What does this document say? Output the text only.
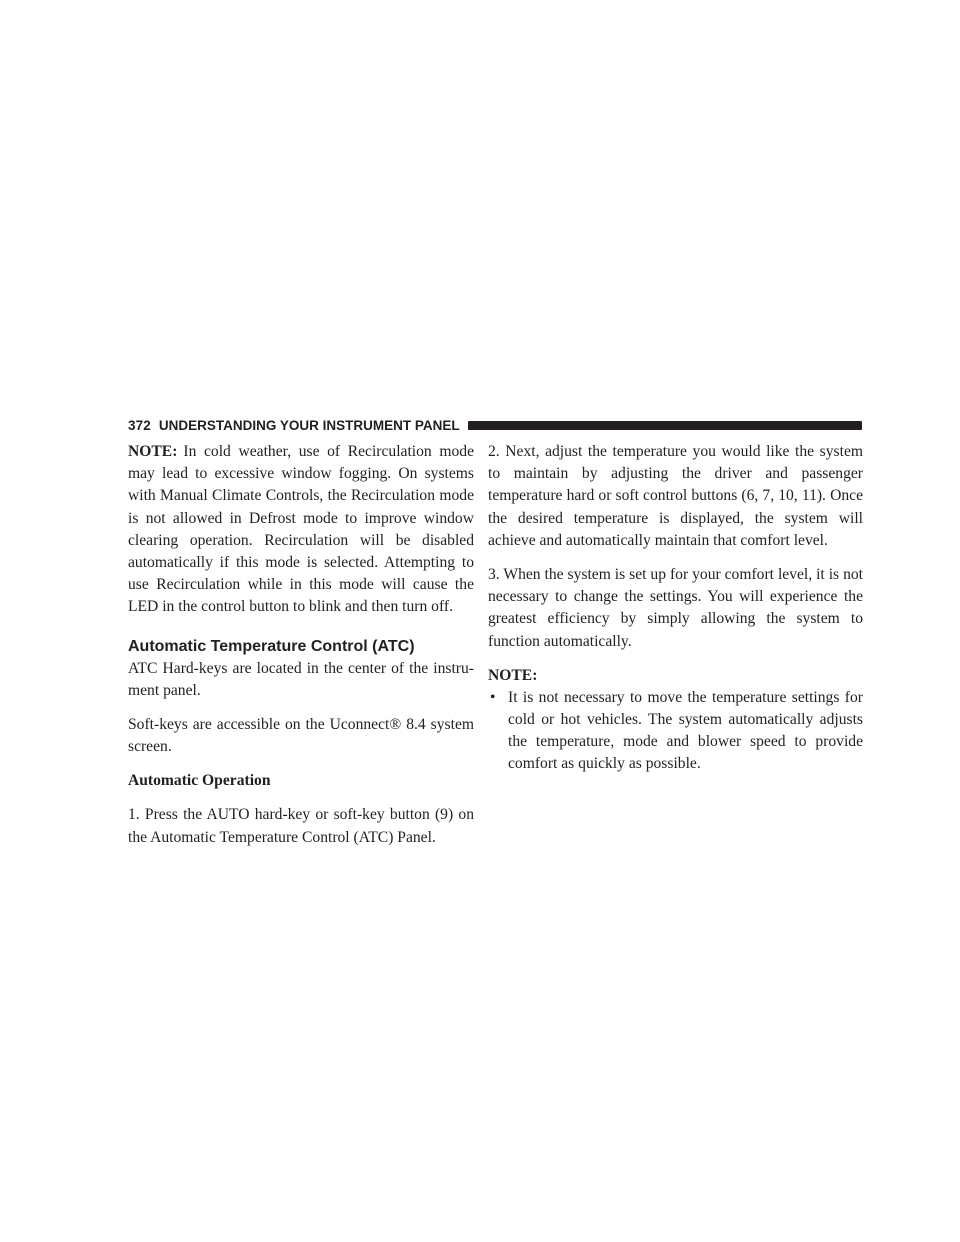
372 UNDERSTANDING YOUR INSTRUMENT PANEL

NOTE: In cold weather, use of Recirculation mode may lead to excessive window fogging. On systems with Manual Climate Controls, the Recirculation mode is not allowed in Defrost mode to improve window clearing operation. Recirculation will be disabled automatically if this mode is selected. Attempting to use Recirculation while in this mode will cause the LED in the control button to blink and then turn off.

Automatic Temperature Control (ATC)

ATC Hard-keys are located in the center of the instru-ment panel.

Soft-keys are accessible on the Uconnect® 8.4 system screen.

Automatic Operation

1. Press the AUTO hard-key or soft-key button (9) on the Automatic Temperature Control (ATC) Panel.

2. Next, adjust the temperature you would like the system to maintain by adjusting the driver and passenger temperature hard or soft control buttons (6, 7, 10, 11). Once the desired temperature is displayed, the system will achieve and automatically maintain that comfort level.

3. When the system is set up for your comfort level, it is not necessary to change the settings. You will experience the greatest efficiency by simply allowing the system to function automatically.

NOTE:
• It is not necessary to move the temperature settings for cold or hot vehicles. The system automatically adjusts the temperature, mode and blower speed to provide comfort as quickly as possible.
